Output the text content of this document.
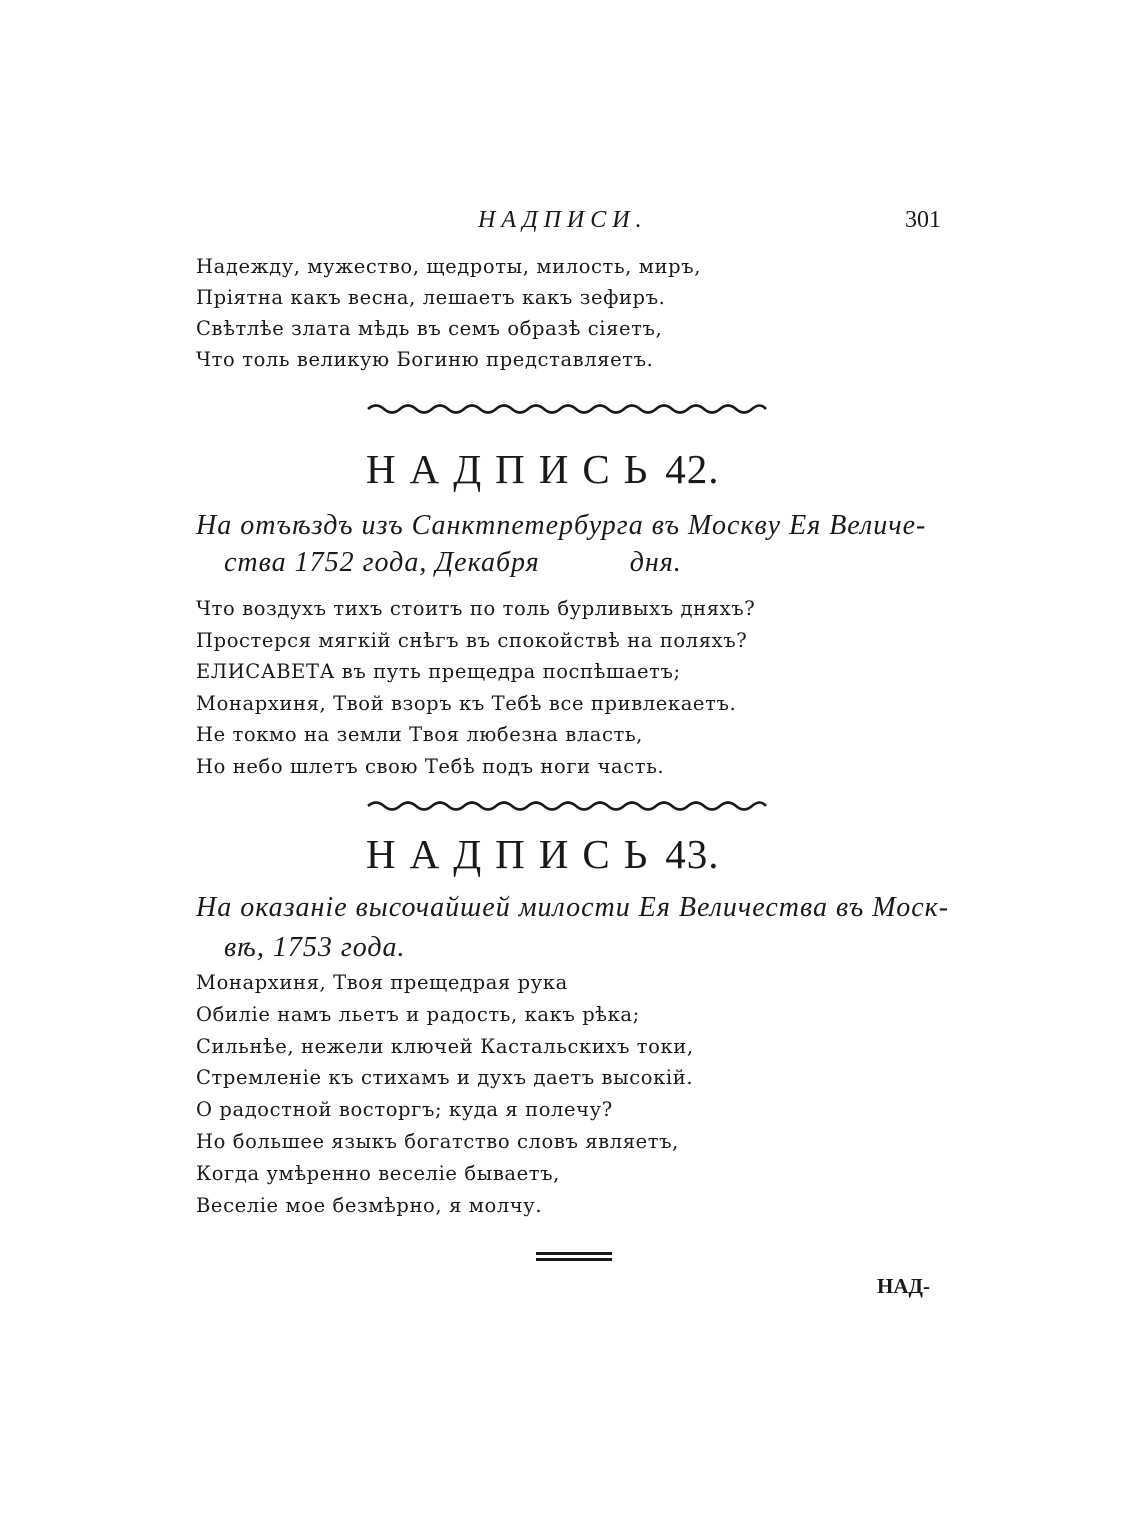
НАДПИСИ.	301
Надежду, мужество, щедроты, милость, миръ,
Пріятна какъ весна, лешаетъ какъ зефиръ.
Свѣтлѣе злата мѣдь въ семъ образѣ сіяетъ,
Что толь великую Богиню представляетъ.
НАДПИСЬ42.
На отъѣздъ изъ Санктпетербурга въ Москву Ея Величе-
ства 1752 года, Декабря	дня.
Что воздухъ тихъ стоитъ по толь бурливыхъ дняхъ?
Простерся мягкій снѣгъ въ спокойствѣ на поляхъ?
ЕЛИСАВЕТА въ путь прещедра поспѣшаетъ;
Монархиня, Твой взоръ къ Тебѣ все привлекаетъ.
Не токмо на земли Твоя любезна власть,
Но небо шлетъ свою Тебѣ подъ ноги часть.
НАДПИСЬ43.
На оказаніе высочайшей милости Ея Величества въ Моск-
вѣ, 1753 года.
Монархиня, Твоя прещедрая рука
Обиліе намъ льетъ и радость, какъ рѣка;
Сильнѣе, нежели ключей Кастальскихъ токи,
Стремленіе къ стихамъ и духъ даетъ высокій.
О радостной восторгъ; куда я полечу?
Но большее языкъ богатство словъ являетъ,
Когда умѣренно веселіе бываетъ,
Веселіе мое безмѣрно, я молчу.
НАД-
